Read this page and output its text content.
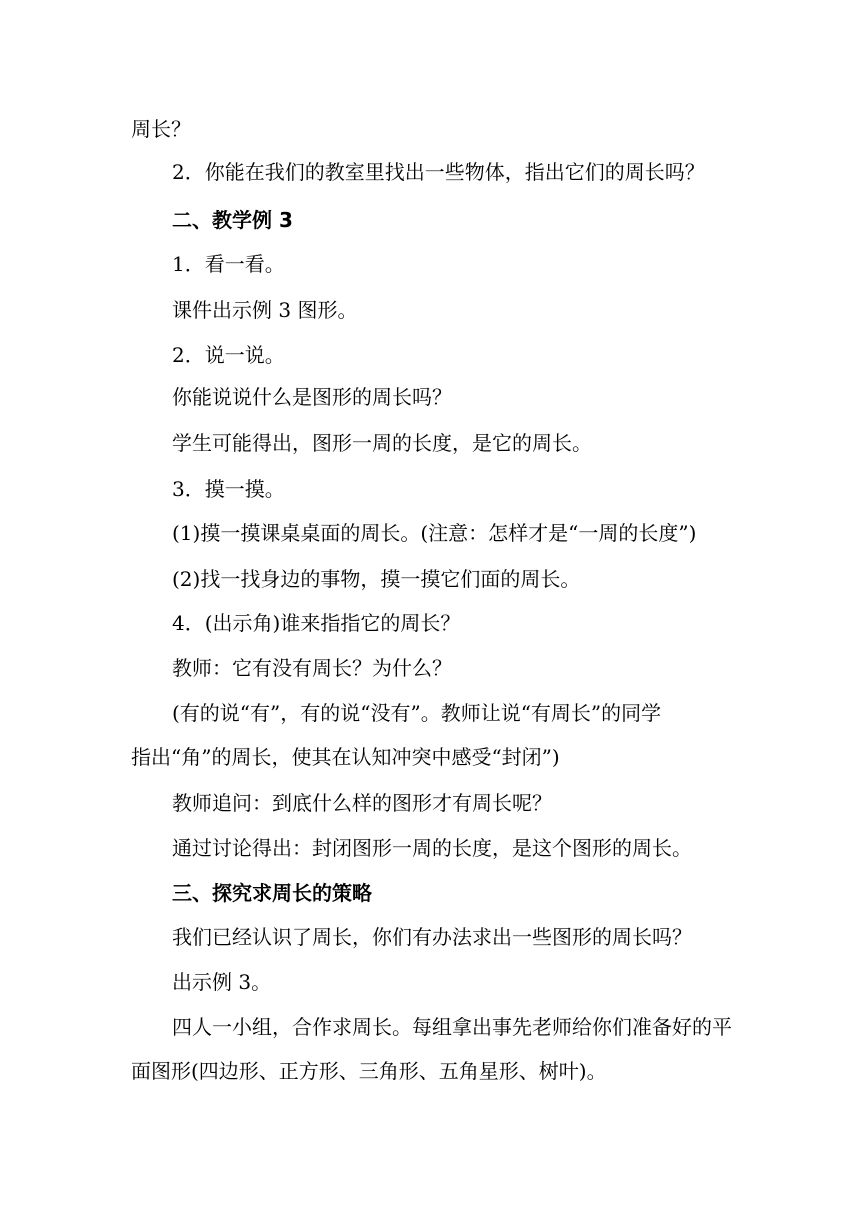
周长？
2．你能在我们的教室里找出一些物体，指出它们的周长吗？
二、教学例 3
1．看一看。
课件出示例 3 图形。
2．说一说。
你能说说什么是图形的周长吗？
学生可能得出，图形一周的长度，是它的周长。
3．摸一摸。
(1)摸一摸课桌桌面的周长。(注意：怎样才是“一周的长度”)
(2)找一找身边的事物，摸一摸它们面的周长。
4．(出示角)谁来指指它的周长？
教师：它有没有周长？为什么？
(有的说“有”，有的说“没有”。教师让说“有周长”的同学
指出“角”的周长，使其在认知冲突中感受“封闭”)
教师追问：到底什么样的图形才有周长呢？
通过讨论得出：封闭图形一周的长度，是这个图形的周长。
三、探究求周长的策略
我们已经认识了周长，你们有办法求出一些图形的周长吗？
出示例 3。
四人一小组，合作求周长。每组拿出事先老师给你们准备好的平
面图形(四边形、正方形、三角形、五角星形、树叶)。
